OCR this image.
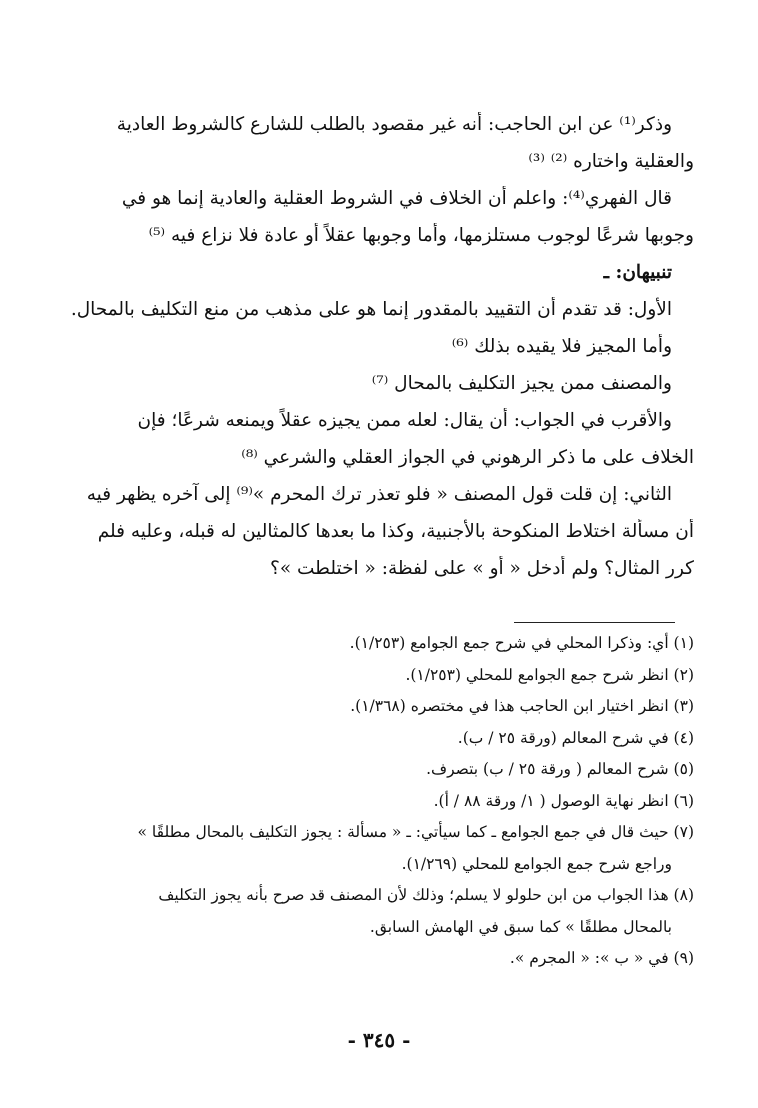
وذكر⁽¹⁾ عن ابن الحاجب: أنه غير مقصود بالطلب للشارع كالشروط العادية
والعقلية واختاره ⁽²⁾ ⁽³⁾
قال الفهري⁽⁴⁾: واعلم أن الخلاف في الشروط العقلية والعادية إنما هو في
وجوبها شرعًا لوجوب مستلزمها، وأما وجوبها عقلاً أو عادة فلا نزاع فيه ⁽⁵⁾
تنبيهان: ـ
الأول: قد تقدم أن التقييد بالمقدور إنما هو على مذهب من منع التكليف بالمحال.
وأما المجيز فلا يقيده بذلك ⁽⁶⁾
والمصنف ممن يجيز التكليف بالمحال ⁽⁷⁾
والأقرب في الجواب: أن يقال: لعله ممن يجيزه عقلاً ويمنعه شرعًا؛ فإن
الخلاف على ما ذكر الرهوني في الجواز العقلي والشرعي ⁽⁸⁾
الثاني: إن قلت قول المصنف « فلو تعذر ترك المحرم »⁽⁹⁾ إلى آخره يظهر فيه
أن مسألة اختلاط المنكوحة بالأجنبية، وكذا ما بعدها كالمثالين له قبله، وعليه فلم
كرر المثال؟ ولم أدخل « أو » على لفظة: « اختلطت »؟
(١) أي: وذكرا المحلي في شرح جمع الجوامع (١/٢٥٣).
(٢) انظر شرح جمع الجوامع للمحلي (١/٢٥٣).
(٣) انظر اختيار ابن الحاجب هذا في مختصره (١/٣٦٨).
(٤) في شرح المعالم (ورقة ٢٥ / ب).
(٥) شرح المعالم ( ورقة ٢٥ / ب) بتصرف.
(٦) انظر نهاية الوصول ( ١/ ورقة ٨٨ / أ).
(٧) حيث قال في جمع الجوامع ـ كما سيأتي: ـ « مسألة : يجوز التكليف بالمحال مطلقًا »
وراجع شرح جمع الجوامع للمحلي (١/٢٦٩).
(٨) هذا الجواب من ابن حلولو لا يسلم؛ وذلك لأن المصنف قد صرح بأنه يجوز التكليف
بالمحال مطلقًا » كما سبق في الهامش السابق.
(٩) في « ب »: « المجرم ».
- ٣٤٥ -
